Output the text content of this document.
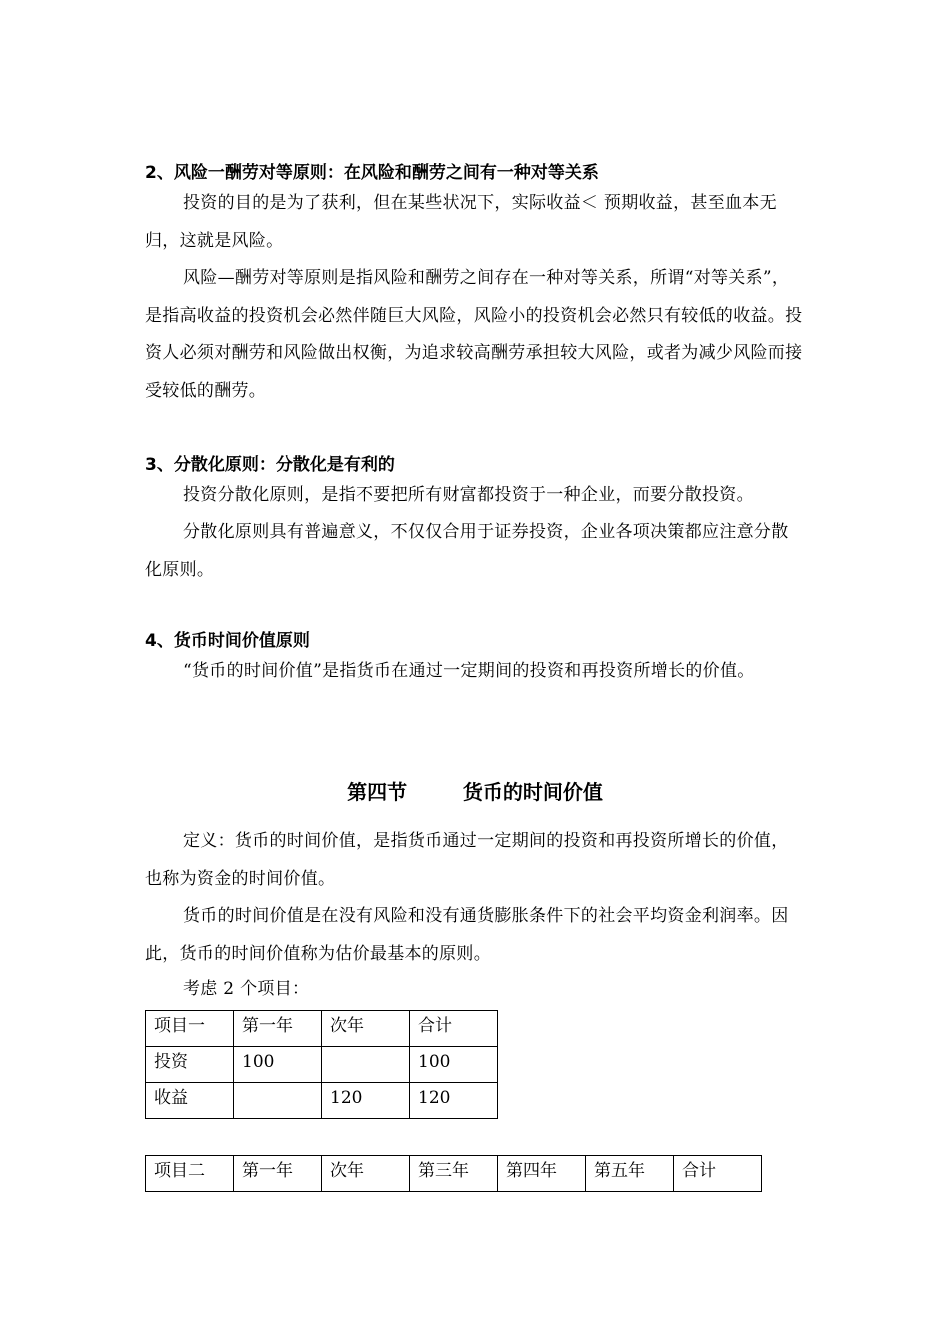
2、风险一酬劳对等原则：在风险和酬劳之间有一种对等关系

投资的目的是为了获利，但在某些状况下，实际收益＜ 预期收益，甚至血本无归，这就是风险。

风险—酬劳对等原则是指风险和酬劳之间存在一种对等关系，所谓“对等关系”，是指高收益的投资机会必然伴随巨大风险，风险小的投资机会必然只有较低的收益。投资人必须对酬劳和风险做出权衡，为追求较高酬劳承担较大风险，或者为减少风险而接受较低的酬劳。

3、分散化原则：分散化是有利的

投资分散化原则，是指不要把所有财富都投资于一种企业，而要分散投资。

分散化原则具有普遍意义，不仅仅合用于证券投资，企业各项决策都应注意分散化原则。

4、货币时间价值原则

“货币的时间价值”是指货币在通过一定期间的投资和再投资所增长的价值。

第四节        货币的时间价值

定义：货币的时间价值，是指货币通过一定期间的投资和再投资所增长的价值，也称为资金的时间价值。

货币的时间价值是在没有风险和没有通货膨胀条件下的社会平均资金利润率。因此，货币的时间价值称为估价最基本的原则。

考虑 2 个项目：

项目一	第一年	次年	合计
投资	100		100
收益		120	120
项目二	第一年	次年	第三年	第四年	第五年	合计
